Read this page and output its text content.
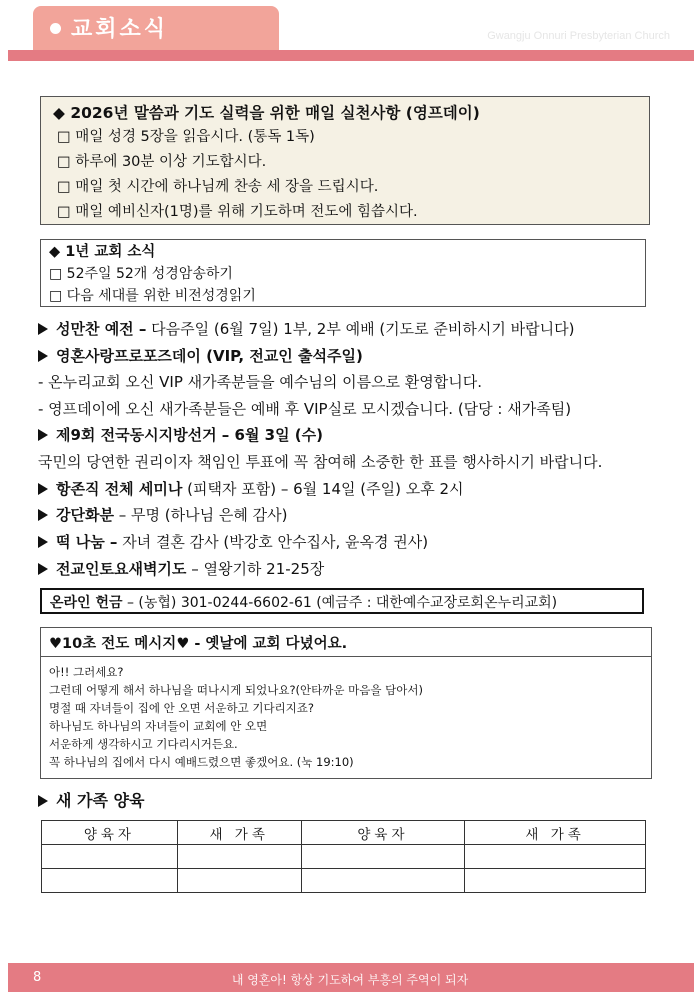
교회소식	Gwangju Onnuri Presbyterian Church
◆ 2026년 말씀과 기도 실력을 위한 매일 실천사항 (영프데이)
□ 매일 성경 5장을 읽읍시다. (통독 1독)
□ 하루에 30분 이상 기도합시다.
□ 매일 첫 시간에 하나님께 찬송 세 장을 드립시다.
□ 매일 예비신자(1명)를 위해 기도하며 전도에 힘씁시다.
◆ 1년 교회 소식
□ 52주일 52개 성경암송하기
□ 다음 세대를 위한 비전성경읽기
성만찬 예전 – 다음주일 (6월 7일) 1부, 2부 예배 (기도로 준비하시기 바랍니다)
영혼사랑프로포즈데이 (VIP, 전교인 출석주일)
- 온누리교회 오신 VIP 새가족분들을 예수님의 이름으로 환영합니다.
- 영프데이에 오신 새가족분들은 예배 후 VIP실로 모시겠습니다. (담당 : 새가족팀)
제9회 전국동시지방선거 – 6월 3일 (수)
국민의 당연한 권리이자 책임인 투표에 꼭 참여해 소중한 한 표를 행사하시기 바랍니다.
항존직 전체 세미나 (피택자 포함) – 6월 14일 (주일) 오후 2시
강단화분 – 무명 (하나님 은혜 감사)
떡 나눔 – 자녀 결혼 감사 (박강호 안수집사, 윤옥경 권사)
전교인토요새벽기도 – 열왕기하 21-25장
온라인 헌금 – (농협) 301-0244-6602-61 (예금주 : 대한예수교장로회온누리교회)
♥10초 전도 메시지♥ - 옛날에 교회 다녔어요.
아!! 그러세요?
그런데 어떻게 해서 하나님을 떠나시게 되었나요?(안타까운 마음을 담아서)
명절 때 자녀들이 집에 안 오면 서운하고 기다리지죠?
하나님도 하나님의 자녀들이 교회에 안 오면
서운하게 생각하시고 기다리시거든요.
꼭 하나님의 집에서 다시 예배드렸으면 좋겠어요. (눅 19:10)
새 가족 양육
양육자	새 가족	양육자	새 가족

8	내 영혼아! 항상 기도하여 부흥의 주역이 되자
